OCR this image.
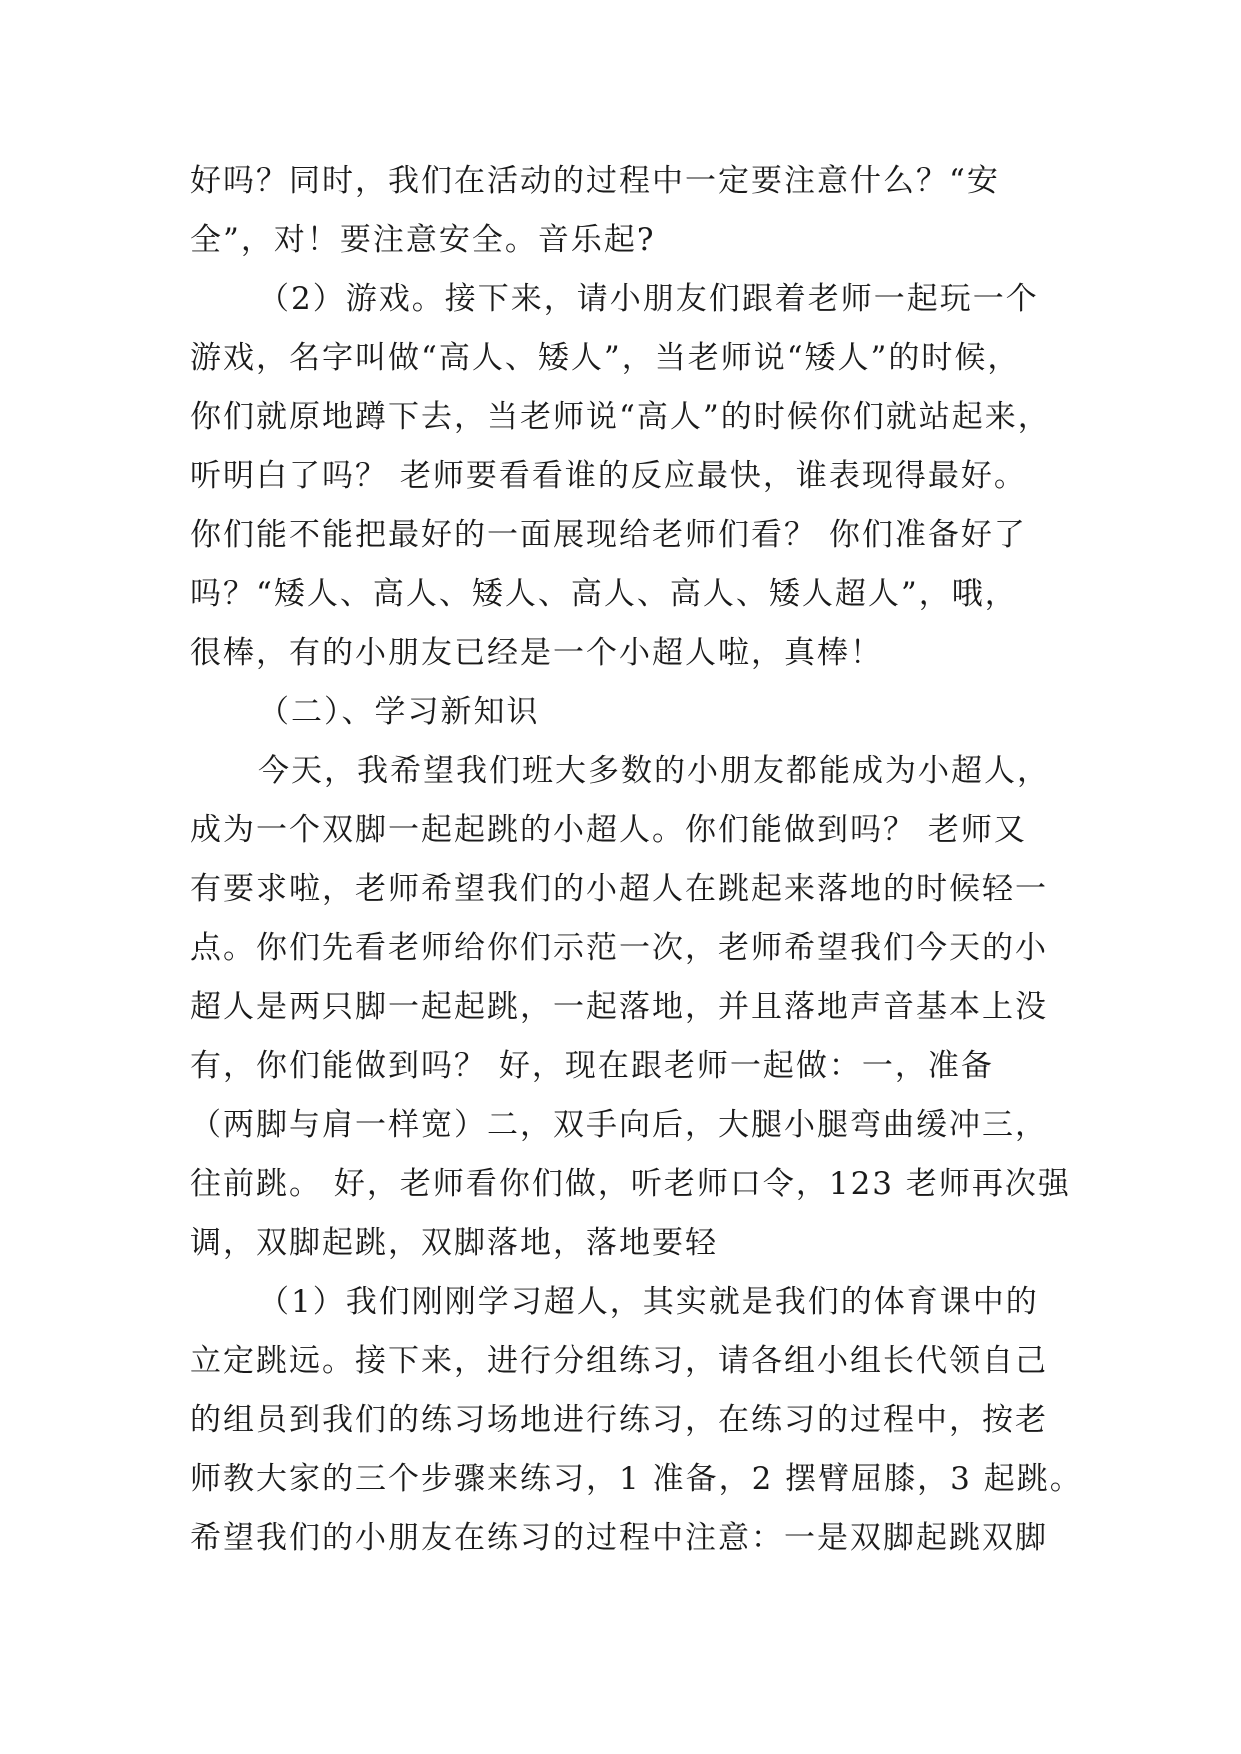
好吗？同时，我们在活动的过程中一定要注意什么？“安
全”，对！要注意安全。音乐起?
（2）游戏。接下来，请小朋友们跟着老师一起玩一个
游戏，名字叫做“高人、矮人”，当老师说“矮人”的时候，
你们就原地蹲下去，当老师说“高人”的时候你们就站起来，
听明白了吗？ 老师要看看谁的反应最快，谁表现得最好。
你们能不能把最好的一面展现给老师们看？ 你们准备好了
吗？“矮人、高人、矮人、高人、高人、矮人超人”，哦，
很棒，有的小朋友已经是一个小超人啦，真棒！
（二）、学习新知识
今天，我希望我们班大多数的小朋友都能成为小超人，
成为一个双脚一起起跳的小超人。你们能做到吗？ 老师又
有要求啦，老师希望我们的小超人在跳起来落地的时候轻一
点。你们先看老师给你们示范一次，老师希望我们今天的小
超人是两只脚一起起跳，一起落地，并且落地声音基本上没
有，你们能做到吗？ 好，现在跟老师一起做：一，准备
（两脚与肩一样宽）二，双手向后，大腿小腿弯曲缓冲三，
往前跳。 好，老师看你们做，听老师口令，123 老师再次强
调，双脚起跳，双脚落地，落地要轻
（1）我们刚刚学习超人，其实就是我们的体育课中的
立定跳远。接下来，进行分组练习，请各组小组长代领自己
的组员到我们的练习场地进行练习，在练习的过程中，按老
师教大家的三个步骤来练习，1 准备，2 摆臂屈膝，3 起跳。
希望我们的小朋友在练习的过程中注意：一是双脚起跳双脚
